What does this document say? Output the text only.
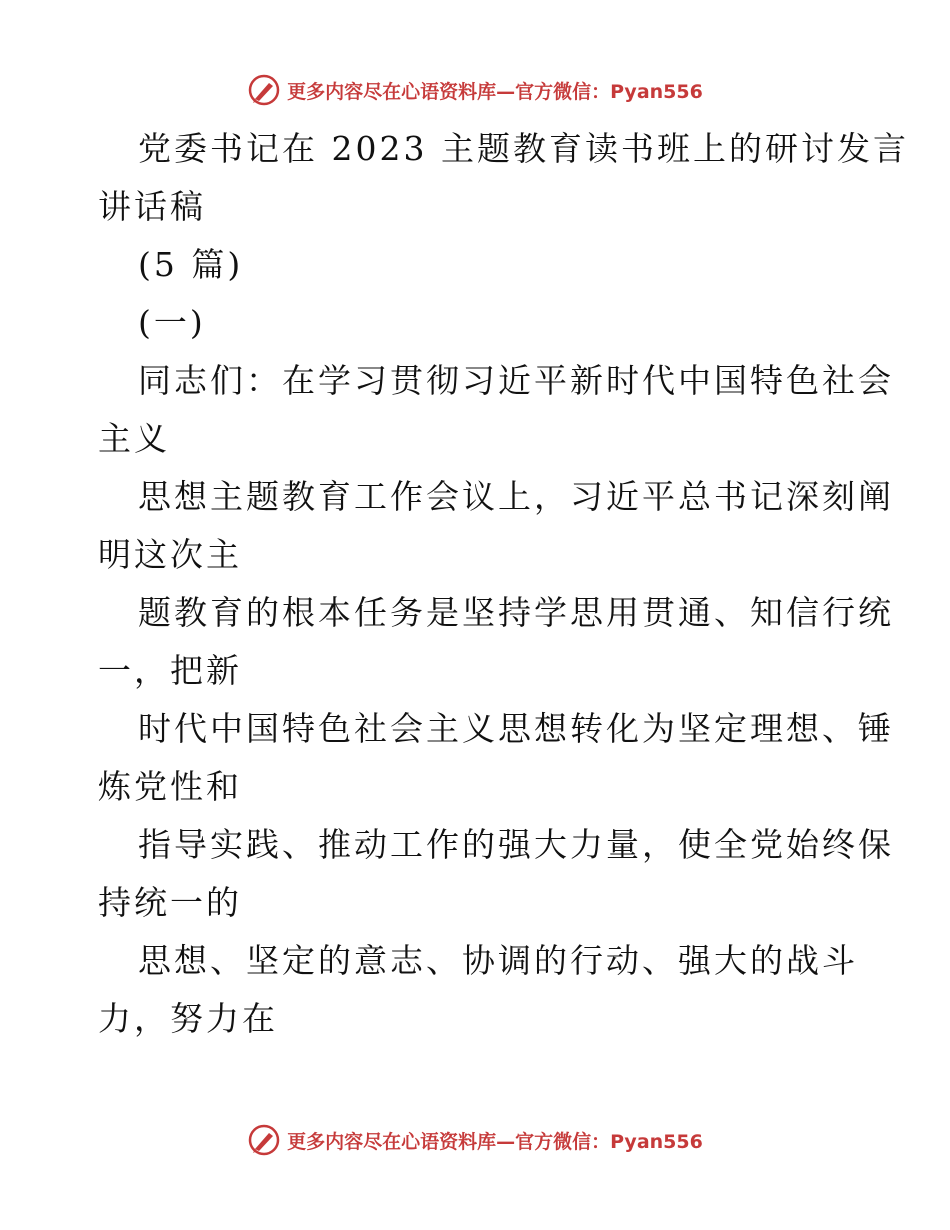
更多内容尽在心语资料库—官方微信：Pyan556
党委书记在 2023 主题教育读书班上的研讨发言
讲话稿
(5 篇)
(一)
同志们：在学习贯彻习近平新时代中国特色社会
主义
思想主题教育工作会议上，习近平总书记深刻阐
明这次主
题教育的根本任务是坚持学思用贯通、知信行统
一，把新
时代中国特色社会主义思想转化为坚定理想、锤
炼党性和
指导实践、推动工作的强大力量，使全党始终保
持统一的
思想、坚定的意志、协调的行动、强大的战斗
力，努力在
更多内容尽在心语资料库—官方微信：Pyan556
